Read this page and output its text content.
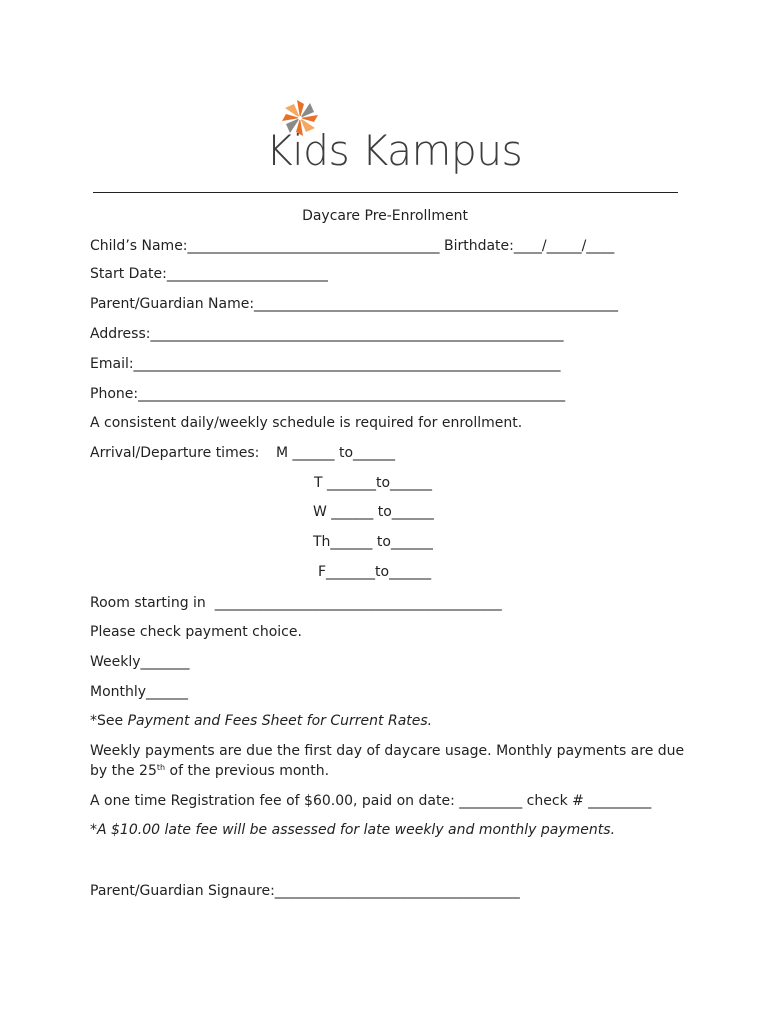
Kids Kampus
Daycare Pre-Enrollment
Child’s Name:____________________________________ Birthdate:____/_____/____
Start Date:_______________________
Parent/Guardian Name:____________________________________________________
Address:___________________________________________________________
Email:_____________________________________________________________
Phone:_____________________________________________________________
A consistent daily/weekly schedule is required for enrollment.
Arrival/Departure times: M ______ to______
T _______to______
W ______ to______
Th______ to______
F_______to______
Room starting in  _________________________________________
Please check payment choice.
Weekly_______
Monthly______
*See Payment and Fees Sheet for Current Rates.
Weekly payments are due the first day of daycare usage. Monthly payments are due
by the 25th of the previous month.
A one time Registration fee of $60.00, paid on date: _________ check # _________
*A $10.00 late fee will be assessed for late weekly and monthly payments.
Parent/Guardian Signaure:___________________________________
